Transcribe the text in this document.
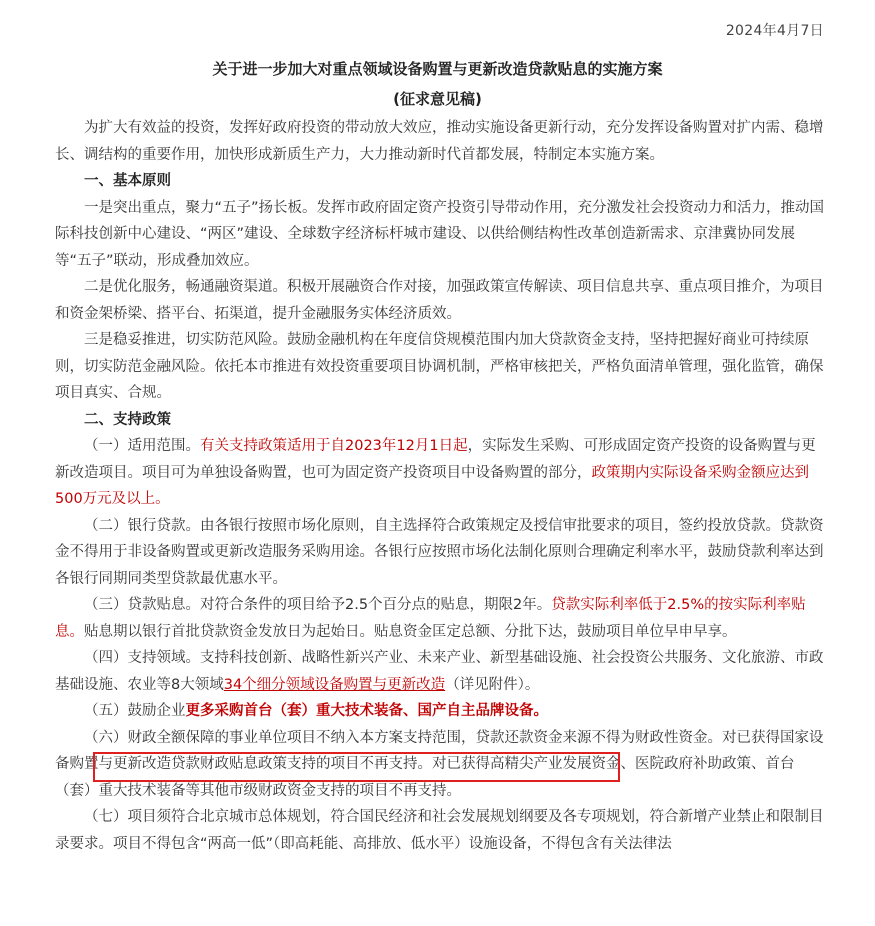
2024年4月7日
关于进一步加大对重点领域设备购置与更新改造贷款贴息的实施方案
(征求意见稿)

为扩大有效益的投资，发挥好政府投资的带动放大效应，推动实施设备更新行动，充分发挥设备购置对扩内需、稳增长、调结构的重要作用，加快形成新质生产力，大力推动新时代首都发展，特制定本实施方案。

一、基本原则

一是突出重点，聚力“五子”扬长板。发挥市政府固定资产投资引导带动作用，充分激发社会投资动力和活力，推动国际科技创新中心建设、“两区”建设、全球数字经济标杆城市建设、以供给侧结构性改革创造新需求、京津冀协同发展等“五子”联动，形成叠加效应。

二是优化服务，畅通融资渠道。积极开展融资合作对接，加强政策宣传解读、项目信息共享、重点项目推介，为项目和资金架桥梁、搭平台、拓渠道，提升金融服务实体经济质效。

三是稳妥推进，切实防范风险。鼓励金融机构在年度信贷规模范围内加大贷款资金支持，坚持把握好商业可持续原则，切实防范金融风险。依托本市推进有效投资重要项目协调机制，严格审核把关，严格负面清单管理，强化监管，确保项目真实、合规。

二、支持政策

（一）适用范围。有关支持政策适用于自2023年12月1日起，实际发生采购、可形成固定资产投资的设备购置与更新改造项目。项目可为单独设备购置，也可为固定资产投资项目中设备购置的部分，政策期内实际设备采购金额应达到500万元及以上。

（二）银行贷款。由各银行按照市场化原则，自主选择符合政策规定及授信审批要求的项目，签约投放贷款。贷款资金不得用于非设备购置或更新改造服务采购用途。各银行应按照市场化法制化原则合理确定利率水平，鼓励贷款利率达到各银行同期同类型贷款最优惠水平。

（三）贷款贴息。对符合条件的项目给予2.5个百分点的贴息，期限2年。贷款实际利率低于2.5%的按实际利率贴息。贴息期以银行首批贷款资金发放日为起始日。贴息资金匡定总额、分批下达，鼓励项目单位早申早享。

（四）支持领域。支持科技创新、战略性新兴产业、未来产业、新型基础设施、社会投资公共服务、文化旅游、市政基础设施、农业等8大领域34个细分领域设备购置与更新改造（详见附件）。

（五）鼓励企业更多采购首台（套）重大技术装备、国产自主品牌设备。

（六）财政全额保障的事业单位项目不纳入本方案支持范围，贷款还款资金来源不得为财政性资金。对已获得国家设备购置与更新改造贷款财政贴息政策支持的项目不再支持。对已获得高精尖产业发展资金、医院政府补助政策、首台（套）重大技术装备等其他市级财政资金支持的项目不再支持。

（七）项目须符合北京城市总体规划，符合国民经济和社会发展规划纲要及各专项规划，符合新增产业禁止和限制目录要求。项目不得包含“两高一低”（即高耗能、高排放、低水平）设施设备，不得包含有关法律法
